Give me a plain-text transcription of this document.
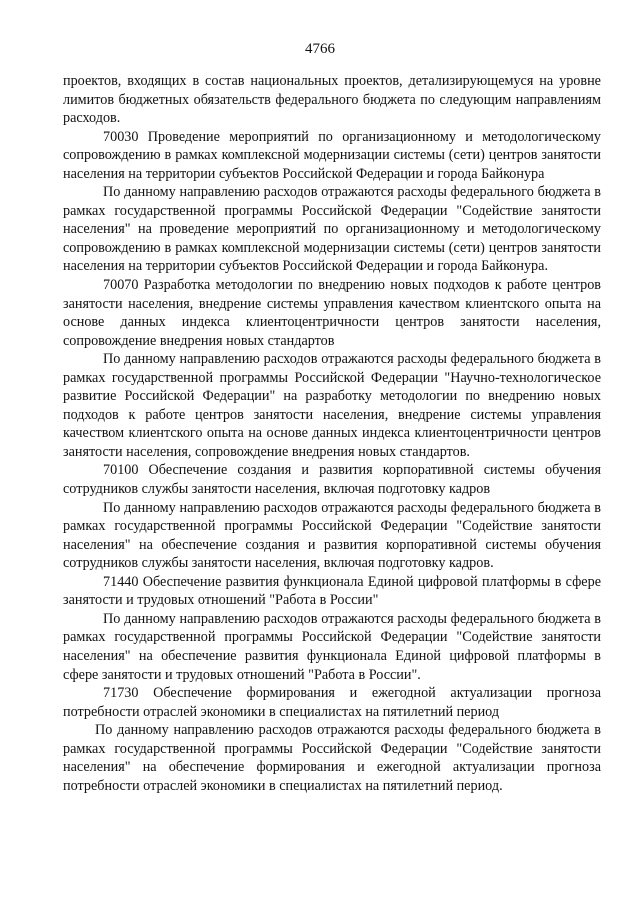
4766

проектов, входящих в состав национальных проектов, детализирующемуся на уровне лимитов бюджетных обязательств федерального бюджета по следующим направлениям расходов.

70030 Проведение мероприятий по организационному и методологическому сопровождению в рамках комплексной модернизации системы (сети) центров занятости населения на территории субъектов Российской Федерации и города Байконура

По данному направлению расходов отражаются расходы федерального бюджета в рамках государственной программы Российской Федерации "Содействие занятости населения" на проведение мероприятий по организационному и методологическому сопровождению в рамках комплексной модернизации системы (сети) центров занятости населения на территории субъектов Российской Федерации и города Байконура.

70070 Разработка методологии по внедрению новых подходов к работе центров занятости населения, внедрение системы управления качеством клиентского опыта на основе данных индекса клиентоцентричности центров занятости населения, сопровождение внедрения новых стандартов

По данному направлению расходов отражаются расходы федерального бюджета в рамках государственной программы Российской Федерации "Научно-технологическое развитие Российской Федерации" на разработку методологии по внедрению новых подходов к работе центров занятости населения, внедрение системы управления качеством клиентского опыта на основе данных индекса клиентоцентричности центров занятости населения, сопровождение внедрения новых стандартов.

70100 Обеспечение создания и развития корпоративной системы обучения сотрудников службы занятости населения, включая подготовку кадров

По данному направлению расходов отражаются расходы федерального бюджета в рамках государственной программы Российской Федерации "Содействие занятости населения" на обеспечение создания и развития корпоративной системы обучения сотрудников службы занятости населения, включая подготовку кадров.

71440 Обеспечение развития функционала Единой цифровой платформы в сфере занятости и трудовых отношений "Работа в России"

По данному направлению расходов отражаются расходы федерального бюджета в рамках государственной программы Российской Федерации "Содействие занятости населения" на обеспечение развития функционала Единой цифровой платформы в сфере занятости и трудовых отношений "Работа в России".

71730 Обеспечение формирования и ежегодной актуализации прогноза потребности отраслей экономики в специалистах на пятилетний период

По данному направлению расходов отражаются расходы федерального бюджета в рамках государственной программы Российской Федерации "Содействие занятости населения" на обеспечение формирования и ежегодной актуализации прогноза потребности отраслей экономики в специалистах на пятилетний период.
